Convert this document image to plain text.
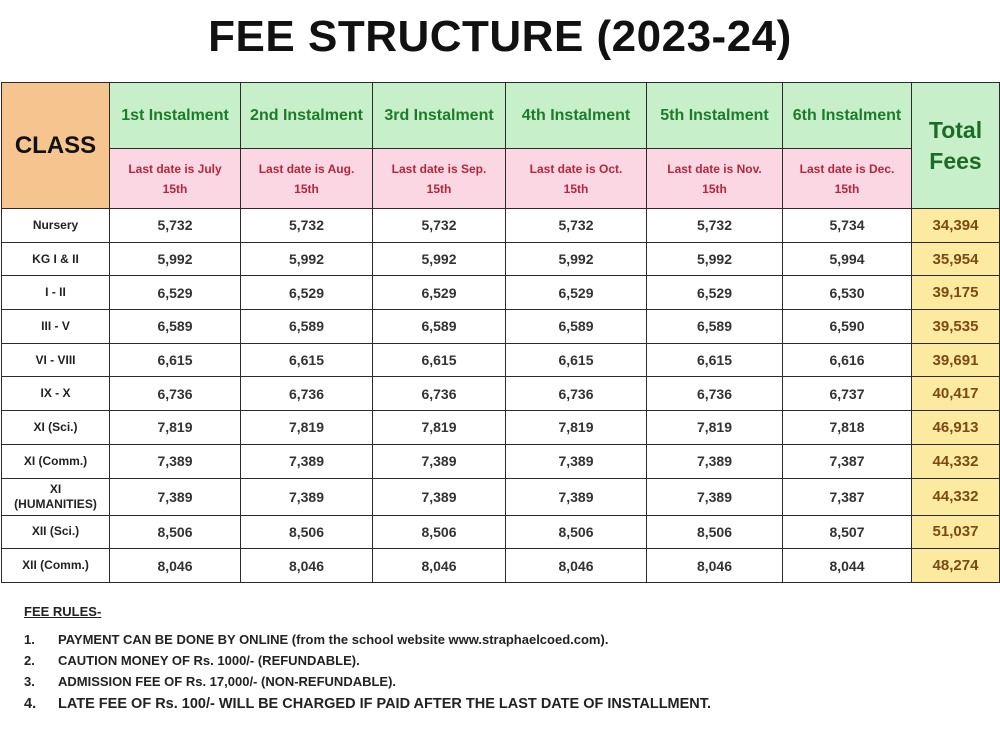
FEE STRUCTURE (2023-24)
CLASS	1st Instalment	2nd Instalment	3rd Instalment	4th Instalment	5th Instalment	6th Instalment	Total
Fees
	Last date is July
15th	Last date is Aug.
15th	Last date is Sep.
15th	Last date is Oct.
15th	Last date is Nov.
15th	Last date is Dec.
15th	
Nursery	5,732	5,732	5,732	5,732	5,732	5,734	34,394
KG I & II	5,992	5,992	5,992	5,992	5,992	5,994	35,954
I - II	6,529	6,529	6,529	6,529	6,529	6,530	39,175
III - V	6,589	6,589	6,589	6,589	6,589	6,590	39,535
VI - VIII	6,615	6,615	6,615	6,615	6,615	6,616	39,691
IX - X	6,736	6,736	6,736	6,736	6,736	6,737	40,417
XI (Sci.)	7,819	7,819	7,819	7,819	7,819	7,818	46,913
XI (Comm.)	7,389	7,389	7,389	7,389	7,389	7,387	44,332
XI
(HUMANITIES)	7,389	7,389	7,389	7,389	7,389	7,387	44,332
XII (Sci.)	8,506	8,506	8,506	8,506	8,506	8,507	51,037
XII (Comm.)	8,046	8,046	8,046	8,046	8,046	8,044	48,274
FEE RULES-
1.	PAYMENT CAN BE DONE BY ONLINE (from the school website www.straphaelcoed.com).
2.	CAUTION MONEY OF Rs. 1000/- (REFUNDABLE).
3.	ADMISSION FEE OF Rs. 17,000/- (NON-REFUNDABLE).
4.	LATE FEE OF Rs. 100/- WILL BE CHARGED IF PAID AFTER THE LAST DATE OF INSTALLMENT.
